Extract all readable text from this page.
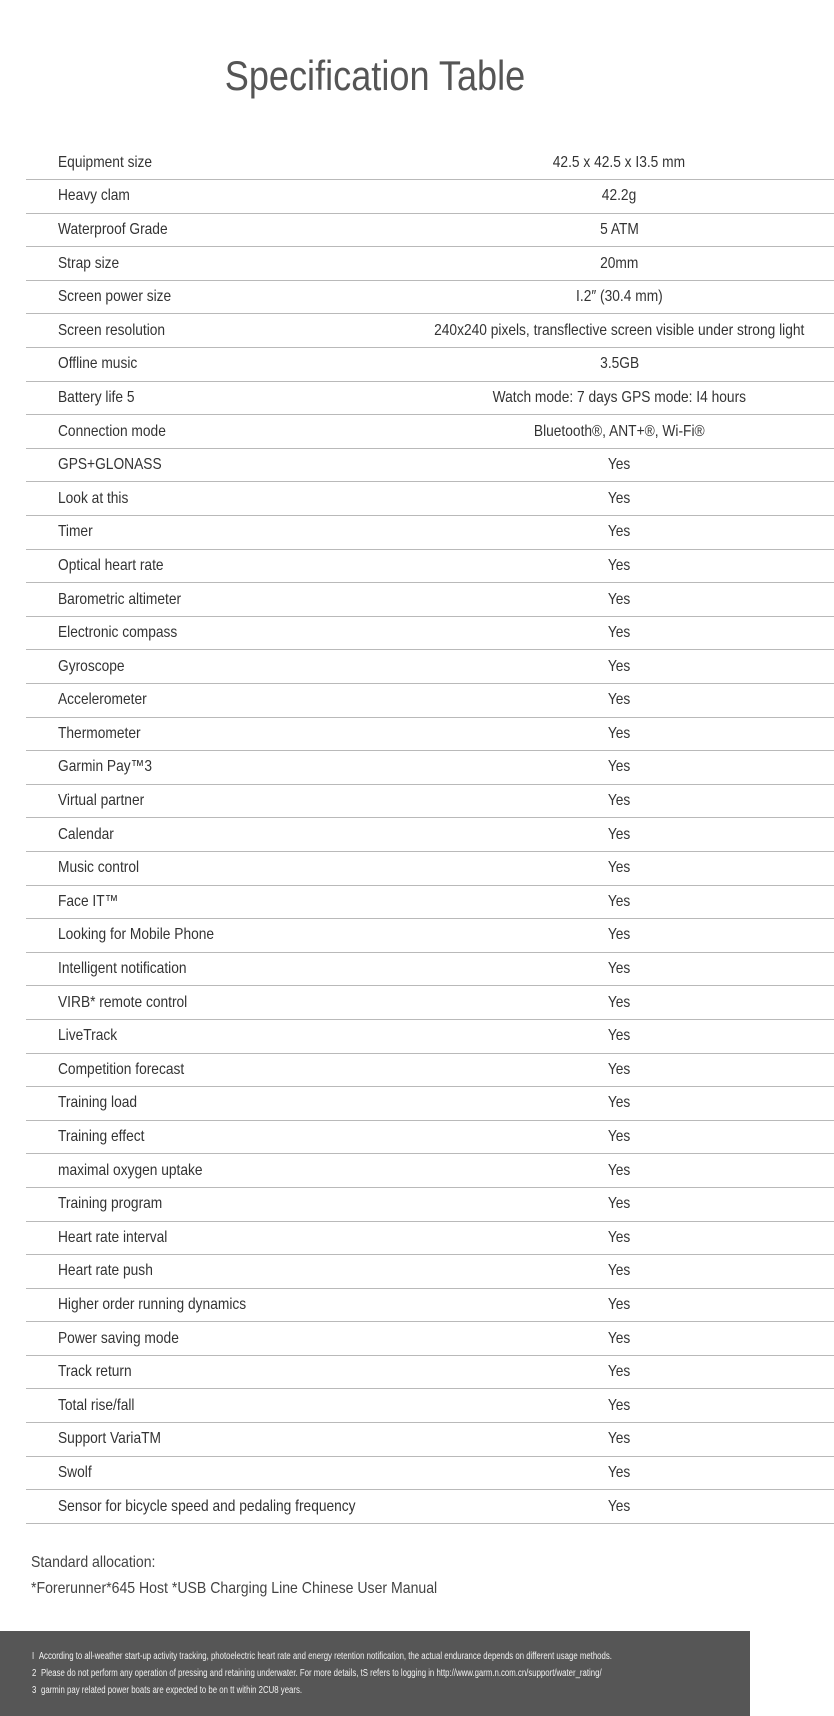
Specification Table
Equipment size	42.5 x 42.5 x I3.5 mm
Heavy clam	42.2g
Waterproof Grade	5 ATM
Strap size	20mm
Screen power size	I.2″ (30.4 mm)
Screen resolution	240x240 pixels, transflective screen visible under strong light
Offline music	3.5GB
Battery life 5	Watch mode: 7 days GPS mode: I4 hours
Connection mode	Bluetooth®, ANT+®, Wi-Fi®
GPS+GLONASS	Yes
Look at this	Yes
Timer	Yes
Optical heart rate	Yes
Barometric altimeter	Yes
Electronic compass	Yes
Gyroscope	Yes
Accelerometer	Yes
Thermometer	Yes
Garmin Pay™3	Yes
Virtual partner	Yes
Calendar	Yes
Music control	Yes
Face IT™	Yes
Looking for Mobile Phone	Yes
Intelligent notification	Yes
VIRB* remote control	Yes
LiveTrack	Yes
Competition forecast	Yes
Training load	Yes
Training effect	Yes
maximal oxygen uptake	Yes
Training program	Yes
Heart rate interval	Yes
Heart rate push	Yes
Higher order running dynamics	Yes
Power saving mode	Yes
Track return	Yes
Total rise/fall	Yes
Support VariaTM	Yes
Swolf	Yes
Sensor for bicycle speed and pedaling frequency	Yes
Standard allocation:
*Forerunner*645 Host *USB Charging Line Chinese User Manual
I According to all-weather start-up activity tracking, photoelectric heart rate and energy retention notification, the actual endurance depends on different usage methods.
2 Please do not perform any operation of pressing and retaining underwater. For more details, tS refers to logging in http://www.garm.n.com.cn/support/water_rating/
3 garmin pay related power boats are expected to be on tt within 2CU8 years.
